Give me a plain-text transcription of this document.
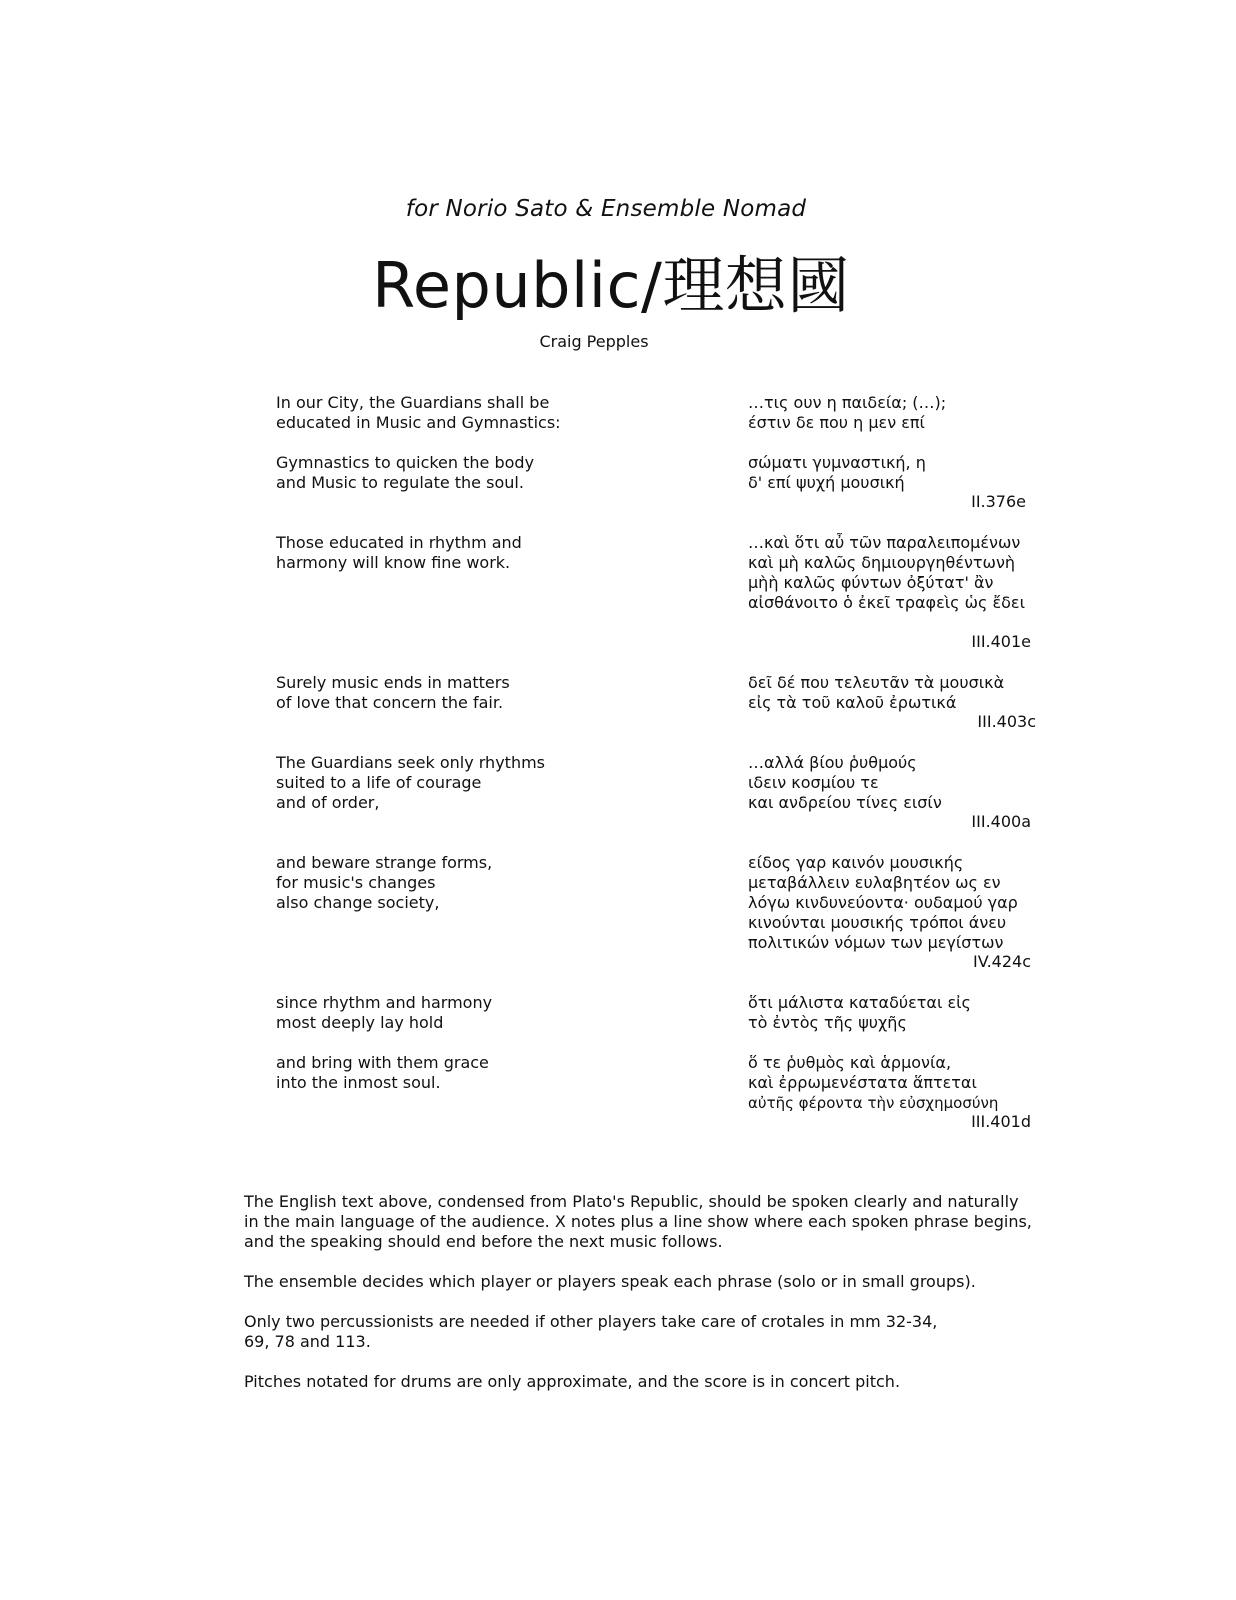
for Norio Sato & Ensemble Nomad
Republic/理想國
Craig Pepples
In our City, the Guardians shall be
educated in Music and Gymnastics:
…τις ουν η παιδεία; (…);
έστιν δε που η μεν επί
Gymnastics to quicken the body
and Music to regulate the soul.
σώματι γυμναστική, η
δ' επί ψυχή μουσική
II.376e
Those educated in rhythm and
harmony will know fine work.
…καὶ ὅτι αὖ τῶν παραλειπομένων
καὶ μὴ καλῶς δημιουργηθέντωνὴ
μὴὴ καλῶς φύντων ὀξύτατ' ἂν
αἰσθάνοιτο ὁ ἐκεῖ τραφεὶς ὡς ἔδει
III.401e
Surely music ends in matters
of love that concern the fair.
δεῖ δέ που τελευτᾶν τὰ μουσικὰ
εἰς τὰ τοῦ καλοῦ ἐρωτικά
III.403c
The Guardians seek only rhythms
suited to a life of courage
and of order,
…αλλά βίου ῥυθμούς
ιδειν κοσμίου τε
και ανδρείου τίνες εισίν
III.400a
and beware strange forms,
for music's changes
also change society,
είδος γαρ καινόν μουσικής
μεταβάλλειν ευλαβητέον ως εν
λόγω κινδυνεύοντα· ουδαμού γαρ
κινούνται μουσικής τρόποι άνευ
πολιτικών νόμων των μεγίστων
IV.424c
since rhythm and harmony
most deeply lay hold
ὅτι μάλιστα καταδύεται εἰς
τὸ ἐντὸς τῆς ψυχῆς
and bring with them grace
into the inmost soul.
ὅ τε ῥυθμὸς καὶ ἁρμονία,
καὶ ἐρρωμενέστατα ἅπτεται
αὐτῆς φέροντα τὴν εὐσχημοσύνη
III.401d

The English text above, condensed from Plato's Republic, should be spoken clearly and naturally
in the main language of the audience. X notes plus a line show where each spoken phrase begins,
and the speaking should end before the next music follows.

The ensemble decides which player or players speak each phrase (solo or in small groups).

Only two percussionists are needed if other players take care of crotales in mm 32-34,
69, 78 and 113.

Pitches notated for drums are only approximate, and the score is in concert pitch.
